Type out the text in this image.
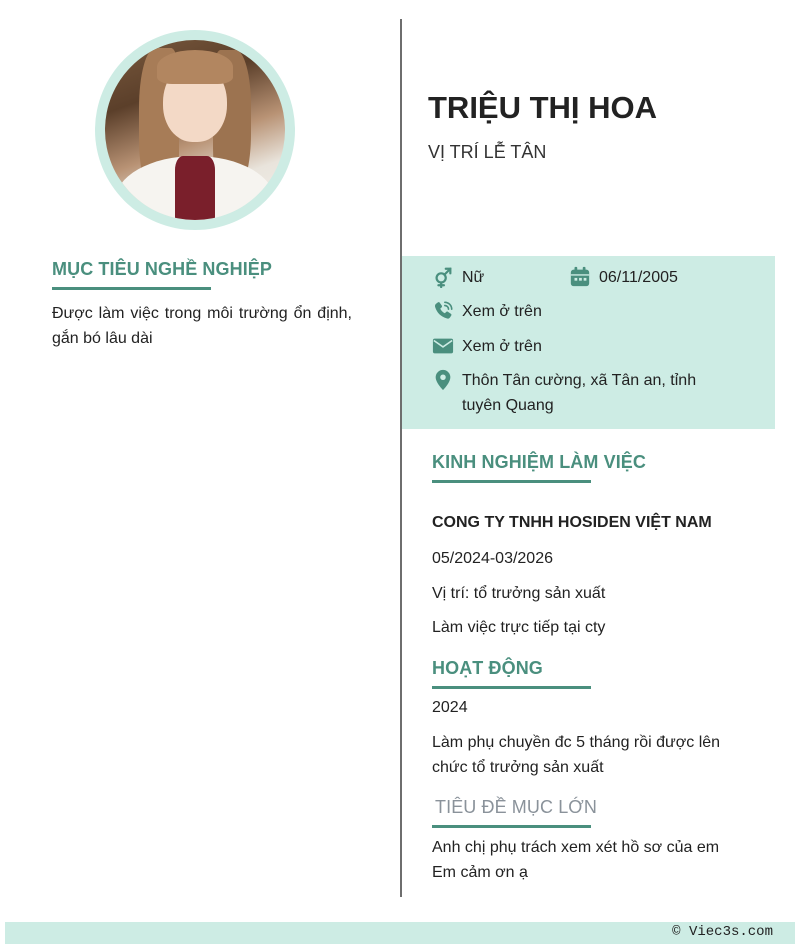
MỤC TIÊU NGHỀ NGHIỆP
Được làm việc trong môi trường ổn định, gắn bó lâu dài
TRIỆU THỊ HOA
VỊ TRÍ LỄ TÂN
Nữ	06/11/2005
Xem ở trên
Xem ở trên
Thôn Tân cường, xã Tân an, tỉnh tuyên Quang
KINH NGHIỆM LÀM VIỆC
CONG TY TNHH HOSIDEN VIỆT NAM
05/2024-03/2026
Vị trí: tổ trưởng sản xuất
Làm việc trực tiếp tại cty
HOẠT ĐỘNG
2024
Làm phụ chuyền đc 5 tháng rồi được lên chức tổ trưởng sản xuất
TIÊU ĐỀ MỤC LỚN
Anh chị phụ trách xem xét hồ sơ của em
Em cảm ơn ạ
© Viec3s.com
